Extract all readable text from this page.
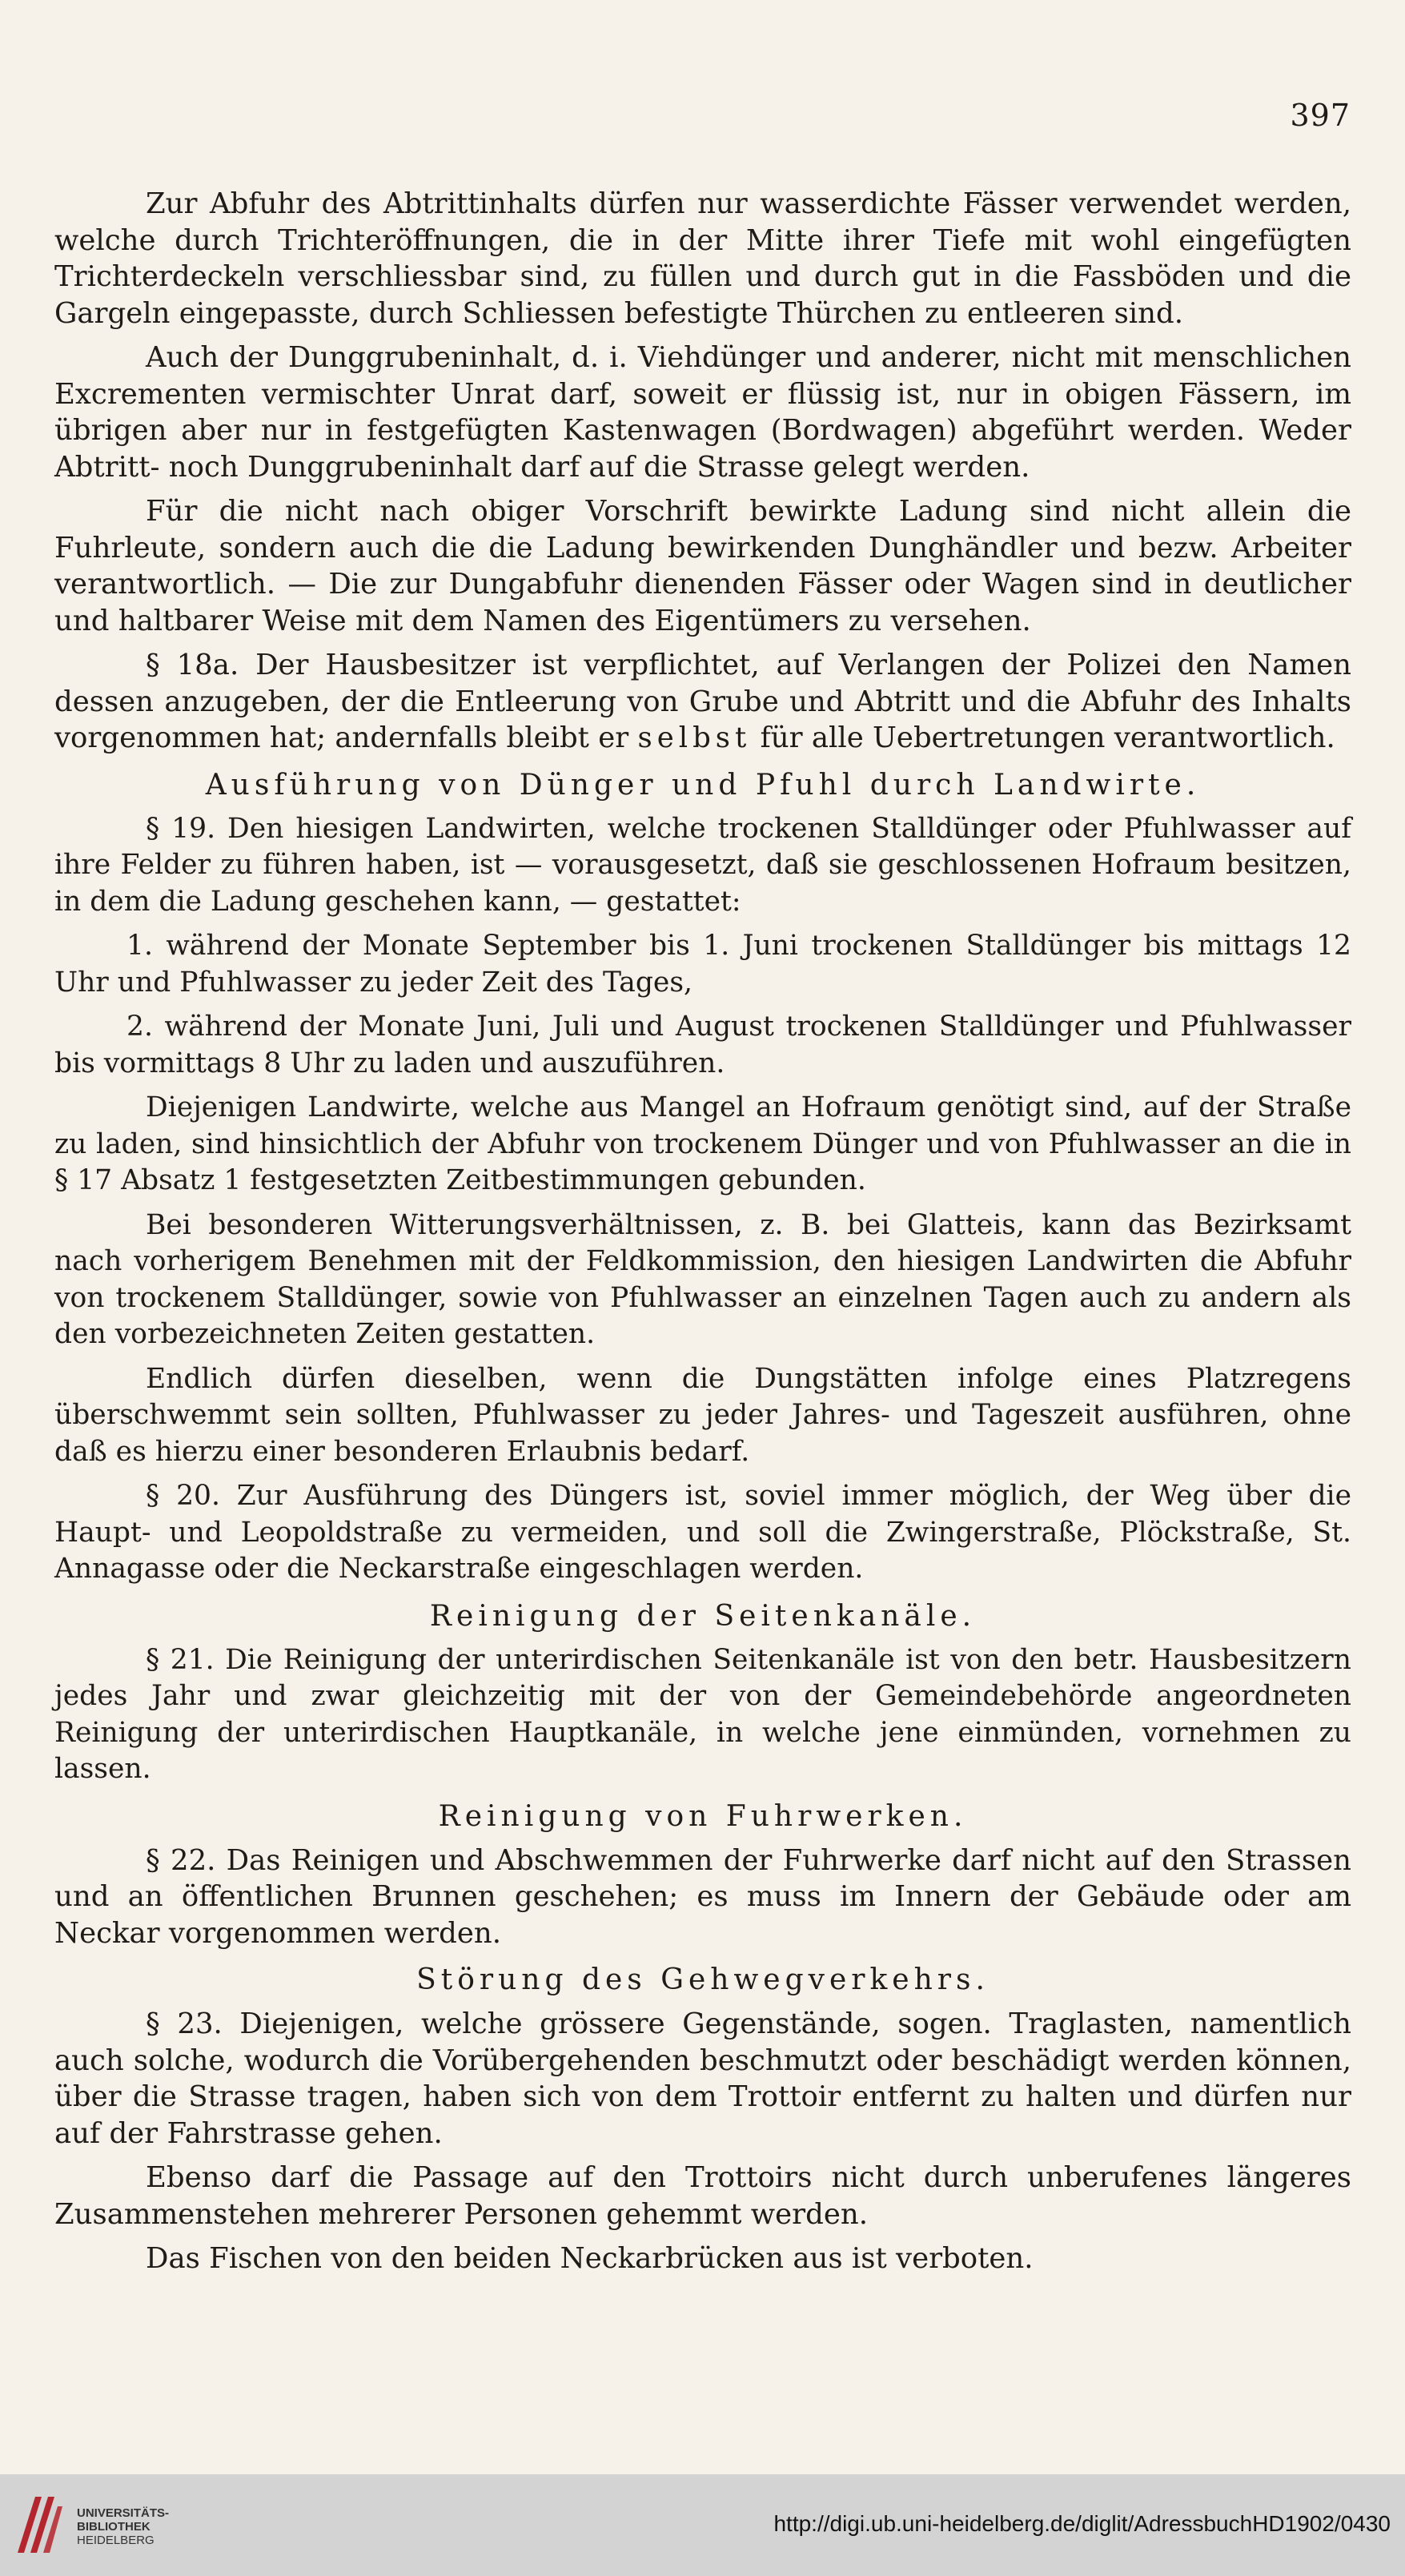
397

Zur Abfuhr des Abtrittinhalts dürfen nur wasserdichte Fässer verwendet werden, welche durch Trichteröffnungen, die in der Mitte ihrer Tiefe mit wohl eingefügten Trichterdeckeln verschliessbar sind, zu füllen und durch gut in die Fassböden und die Gargeln eingepasste, durch Schliessen befestigte Thürchen zu entleeren sind.

Auch der Dunggrubeninhalt, d. i. Viehdünger und anderer, nicht mit menschlichen Excrementen vermischter Unrat darf, soweit er flüssig ist, nur in obigen Fässern, im übrigen aber nur in festgefügten Kastenwagen (Bordwagen) abgeführt werden. Weder Abtritt- noch Dunggrubeninhalt darf auf die Strasse gelegt werden.

Für die nicht nach obiger Vorschrift bewirkte Ladung sind nicht allein die Fuhrleute, sondern auch die die Ladung bewirkenden Dunghändler und bezw. Arbeiter verantwortlich. — Die zur Dungabfuhr dienenden Fässer oder Wagen sind in deutlicher und haltbarer Weise mit dem Namen des Eigentümers zu versehen.

§ 18a. Der Hausbesitzer ist verpflichtet, auf Verlangen der Polizei den Namen dessen anzugeben, der die Entleerung von Grube und Abtritt und die Abfuhr des Inhalts vorgenommen hat; andernfalls bleibt er selbst für alle Uebertretungen verantwortlich.

Ausführung von Dünger und Pfuhl durch Landwirte.

§ 19. Den hiesigen Landwirten, welche trockenen Stalldünger oder Pfuhlwasser auf ihre Felder zu führen haben, ist — vorausgesetzt, daß sie geschlossenen Hofraum besitzen, in dem die Ladung geschehen kann, — gestattet:

1. während der Monate September bis 1. Juni trockenen Stalldünger bis mittags 12 Uhr und Pfuhlwasser zu jeder Zeit des Tages,

2. während der Monate Juni, Juli und August trockenen Stalldünger und Pfuhlwasser bis vormittags 8 Uhr zu laden und auszuführen.

Diejenigen Landwirte, welche aus Mangel an Hofraum genötigt sind, auf der Straße zu laden, sind hinsichtlich der Abfuhr von trockenem Dünger und von Pfuhlwasser an die in § 17 Absatz 1 festgesetzten Zeitbestimmungen gebunden.

Bei besonderen Witterungsverhältnissen, z. B. bei Glatteis, kann das Bezirksamt nach vorherigem Benehmen mit der Feldkommission, den hiesigen Landwirten die Abfuhr von trockenem Stalldünger, sowie von Pfuhlwasser an einzelnen Tagen auch zu andern als den vorbezeichneten Zeiten gestatten.

Endlich dürfen dieselben, wenn die Dungstätten infolge eines Platzregens überschwemmt sein sollten, Pfuhlwasser zu jeder Jahres- und Tageszeit ausführen, ohne daß es hierzu einer besonderen Erlaubnis bedarf.

§ 20. Zur Ausführung des Düngers ist, soviel immer möglich, der Weg über die Haupt- und Leopoldstraße zu vermeiden, und soll die Zwingerstraße, Plöckstraße, St. Annagasse oder die Neckarstraße eingeschlagen werden.

Reinigung der Seitenkanäle.

§ 21. Die Reinigung der unterirdischen Seitenkanäle ist von den betr. Hausbesitzern jedes Jahr und zwar gleichzeitig mit der von der Gemeindebehörde angeordneten Reinigung der unterirdischen Hauptkanäle, in welche jene einmünden, vornehmen zu lassen.

Reinigung von Fuhrwerken.

§ 22. Das Reinigen und Abschwemmen der Fuhrwerke darf nicht auf den Strassen und an öffentlichen Brunnen geschehen; es muss im Innern der Gebäude oder am Neckar vorgenommen werden.

Störung des Gehwegverkehrs.

§ 23. Diejenigen, welche grössere Gegenstände, sogen. Traglasten, namentlich auch solche, wodurch die Vorübergehenden beschmutzt oder beschädigt werden können, über die Strasse tragen, haben sich von dem Trottoir entfernt zu halten und dürfen nur auf der Fahrstrasse gehen.

Ebenso darf die Passage auf den Trottoirs nicht durch unberufenes längeres Zusammenstehen mehrerer Personen gehemmt werden.

Das Fischen von den beiden Neckarbrücken aus ist verboten.

UNIVERSITÄTS-
BIBLIOTHEK
HEIDELBERG
http://digi.ub.uni-heidelberg.de/diglit/AdressbuchHD1902/0430
